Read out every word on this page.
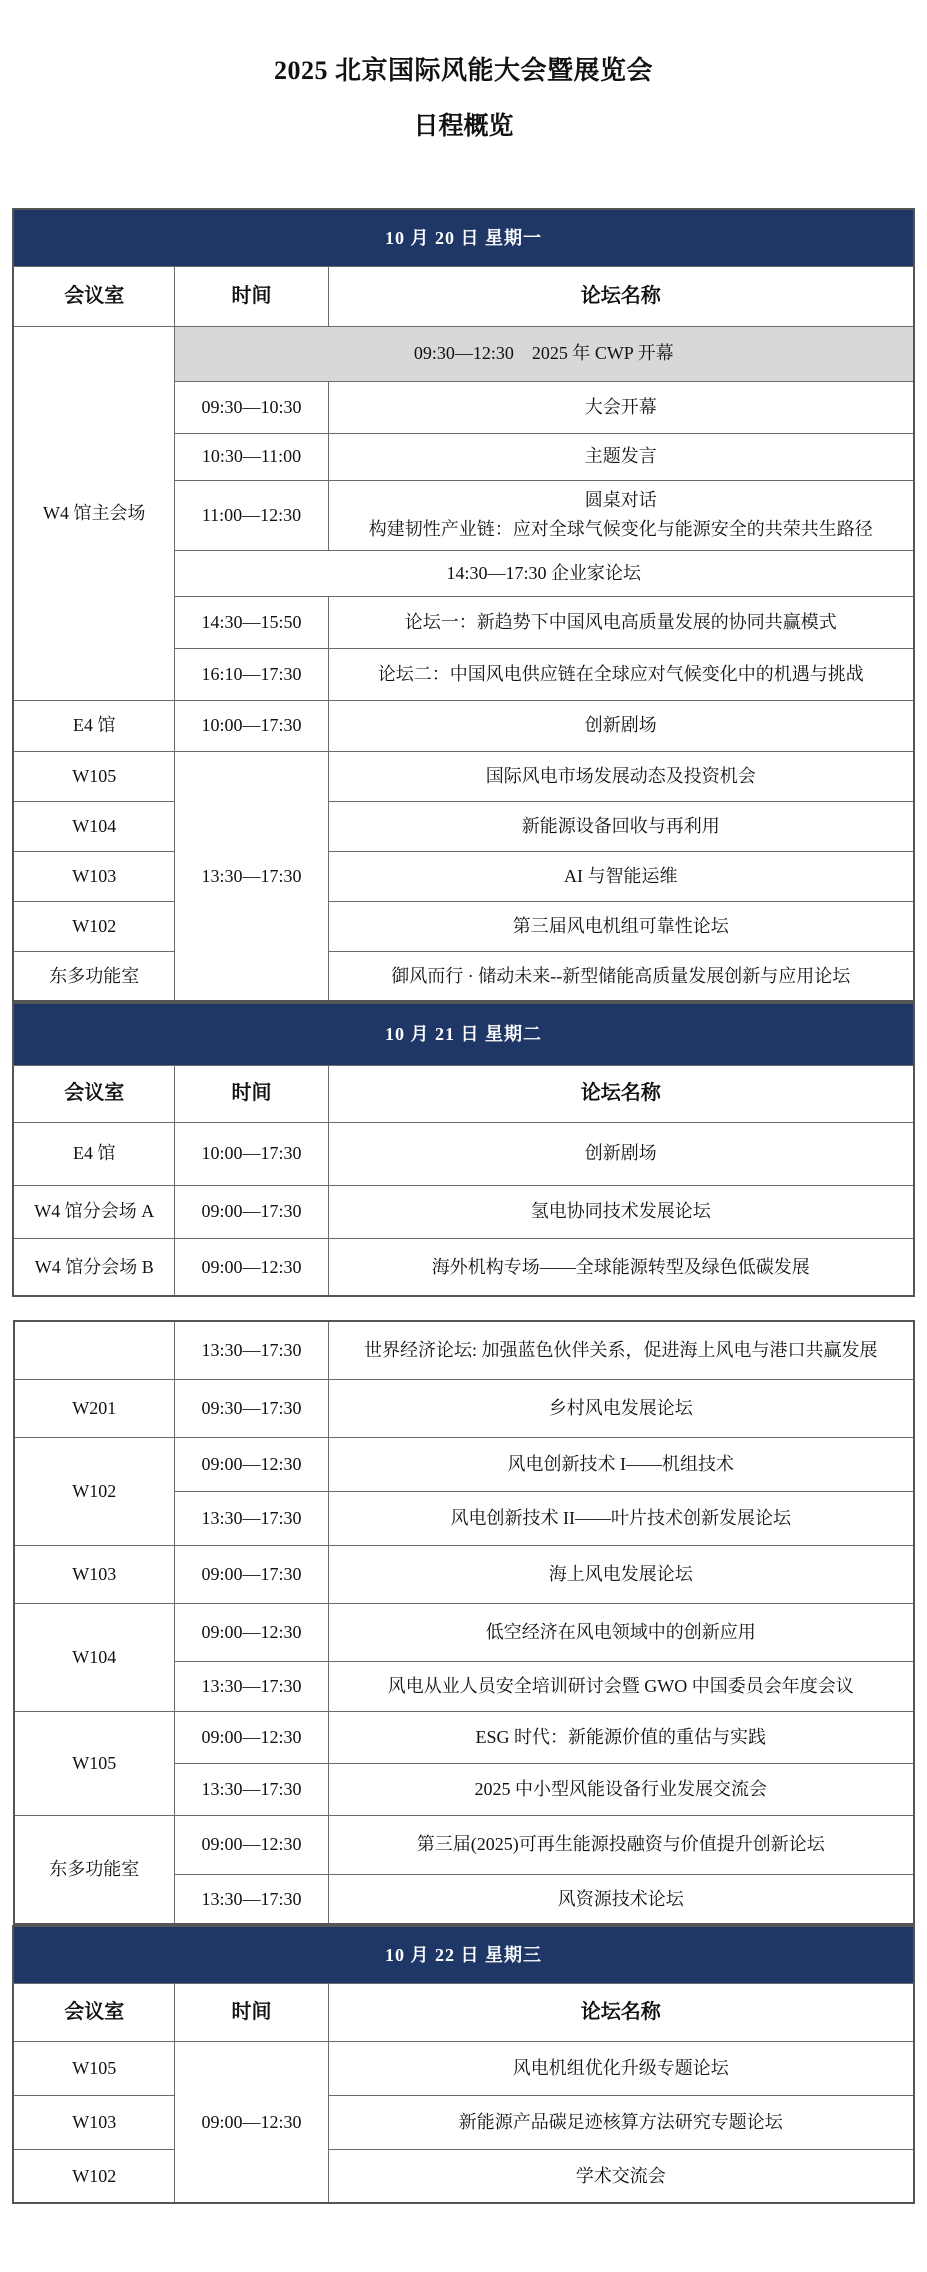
2025 北京国际风能大会暨展览会
日程概览
10 月 20 日 星期一		
会议室	时间	论坛名称
W4 馆主会场	09:30—12:30　2025 年 CWP 开幕	
	09:30—10:30	大会开幕
	10:30—11:00	主题发言
	11:00—12:30	圆桌对话
构建韧性产业链：应对全球气候变化与能源安全的共荣共生路径

	14:30—17:30 企业家论坛	
	14:30—15:50	论坛一：新趋势下中国风电高质量发展的协同共赢模式
	16:10—17:30	论坛二：中国风电供应链在全球应对气候变化中的机遇与挑战
E4 馆	10:00—17:30	创新剧场
W105	13:30—17:30	国际风电市场发展动态及投资机会
W104		新能源设备回收与再利用
W103		AI 与智能运维
W102		第三届风电机组可靠性论坛
东多功能室		御风而行 · 储动未来--新型储能高质量发展创新与应用论坛
10 月 21 日 星期二		
会议室	时间	论坛名称
E4 馆	10:00—17:30	创新剧场
W4 馆分会场 A	09:00—17:30	氢电协同技术发展论坛
W4 馆分会场 B	09:00—12:30	海外机构专场——全球能源转型及绿色低碳发展
	13:30—17:30	世界经济论坛: 加强蓝色伙伴关系，促进海上风电与港口共赢发展
W201	09:30—17:30	乡村风电发展论坛
W102	09:00—12:30	风电创新技术 I——机组技术
	13:30—17:30	风电创新技术 II——叶片技术创新发展论坛
W103	09:00—17:30	海上风电发展论坛
W104	09:00—12:30	低空经济在风电领域中的创新应用
	13:30—17:30	风电从业人员安全培训研讨会暨 GWO 中国委员会年度会议
W105	09:00—12:30	ESG 时代：新能源价值的重估与实践
	13:30—17:30	2025 中小型风能设备行业发展交流会
东多功能室	09:00—12:30	第三届(2025)可再生能源投融资与价值提升创新论坛
	13:30—17:30	风资源技术论坛
10 月 22 日 星期三		
会议室	时间	论坛名称
W105	09:00—12:30	风电机组优化升级专题论坛
W103		新能源产品碳足迹核算方法研究专题论坛
W102		学术交流会
